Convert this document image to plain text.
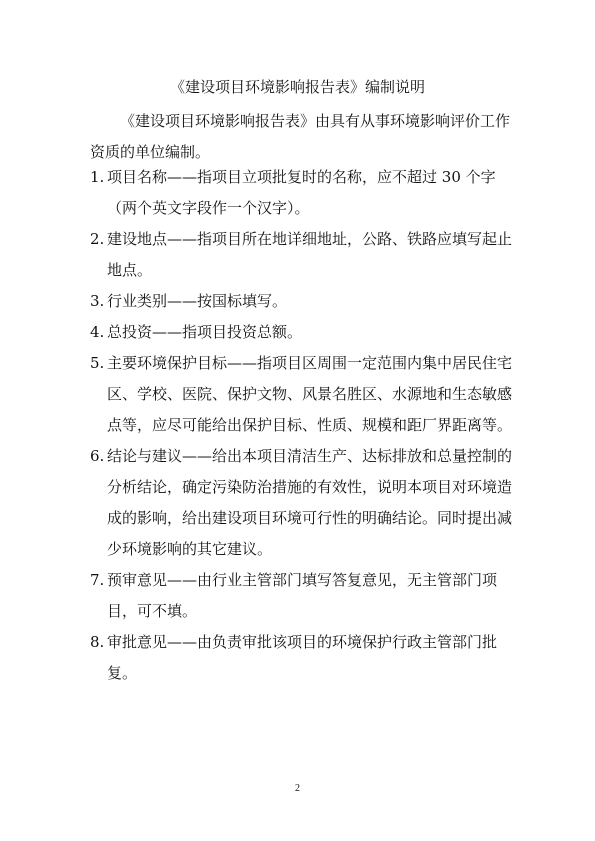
《建设项目环境影响报告表》编制说明
《建设项目环境影响报告表》由具有从事环境影响评价工作资质的单位编制。
1. 项目名称——指项目立项批复时的名称，应不超过 30 个字（两个英文字段作一个汉字）。
2. 建设地点——指项目所在地详细地址，公路、铁路应填写起止地点。
3. 行业类别——按国标填写。
4. 总投资——指项目投资总额。
5. 主要环境保护目标——指项目区周围一定范围内集中居民住宅区、学校、医院、保护文物、风景名胜区、水源地和生态敏感点等，应尽可能给出保护目标、性质、规模和距厂界距离等。
6. 结论与建议——给出本项目清洁生产、达标排放和总量控制的分析结论，确定污染防治措施的有效性，说明本项目对环境造成的影响，给出建设项目环境可行性的明确结论。同时提出减少环境影响的其它建议。
7. 预审意见——由行业主管部门填写答复意见，无主管部门项目，可不填。
8. 审批意见——由负责审批该项目的环境保护行政主管部门批复。
2
